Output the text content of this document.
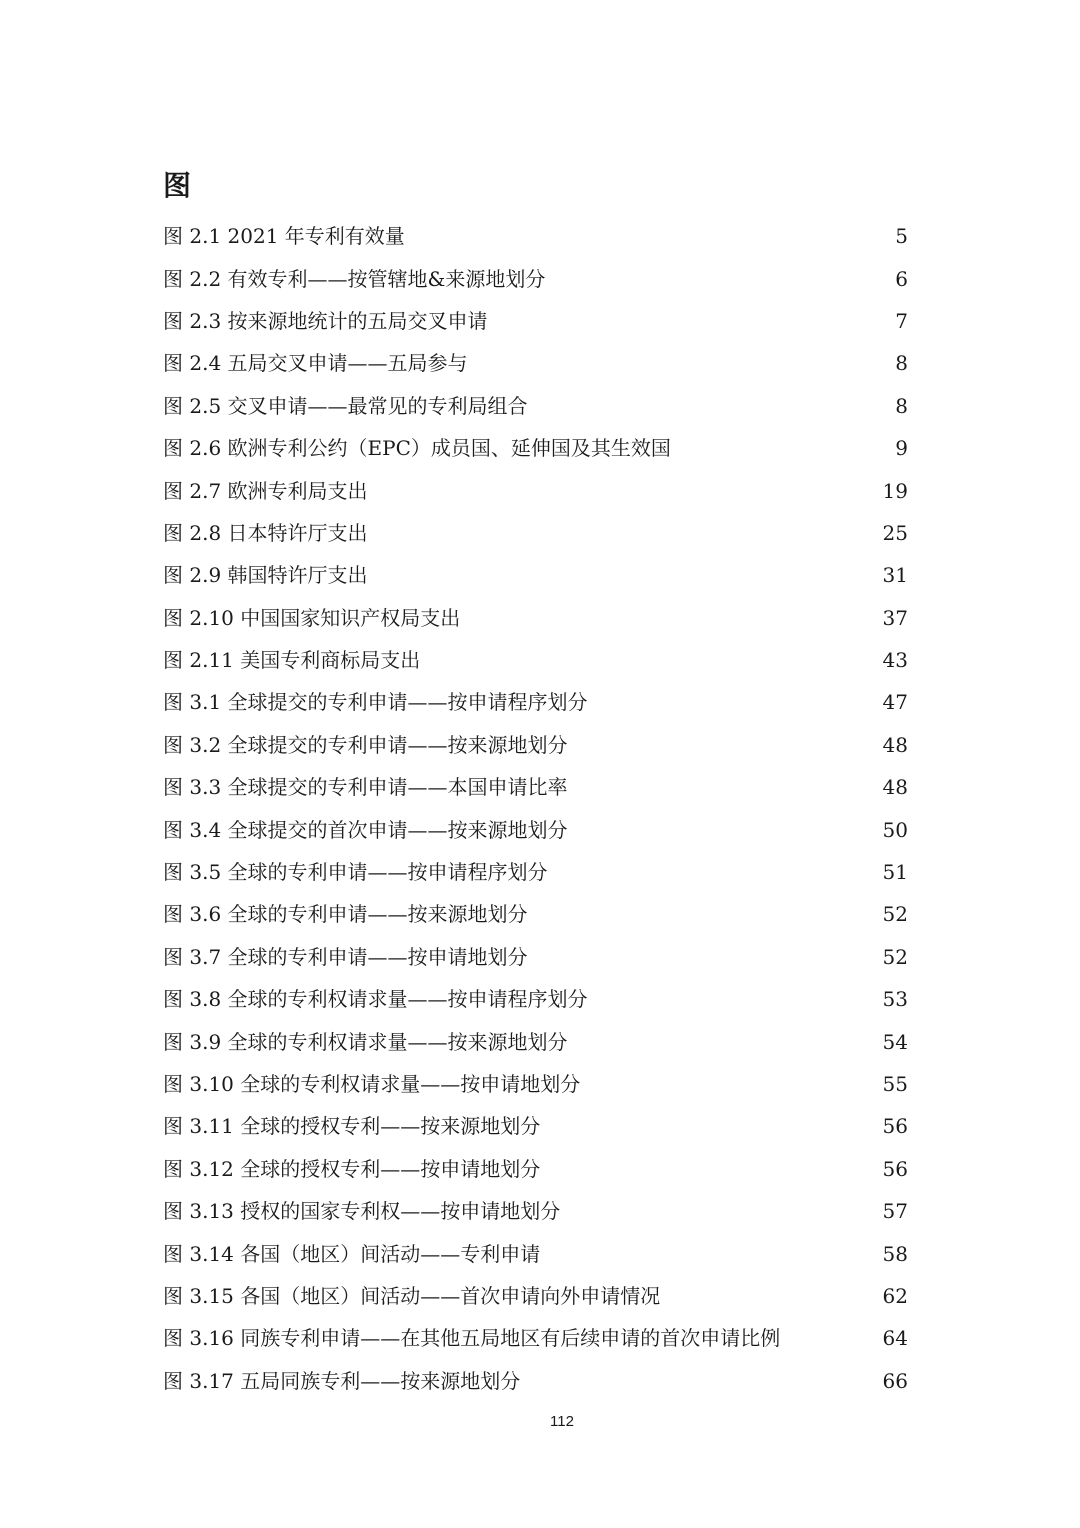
图
图 2.1 2021 年专利有效量	5
图 2.2 有效专利——按管辖地&来源地划分	6
图 2.3 按来源地统计的五局交叉申请	7
图 2.4 五局交叉申请——五局参与	8
图 2.5 交叉申请——最常见的专利局组合	8
图 2.6 欧洲专利公约（EPC）成员国、延伸国及其生效国	9
图 2.7 欧洲专利局支出	19
图 2.8 日本特许厅支出	25
图 2.9 韩国特许厅支出	31
图 2.10 中国国家知识产权局支出	37
图 2.11 美国专利商标局支出	43
图 3.1 全球提交的专利申请——按申请程序划分	47
图 3.2 全球提交的专利申请——按来源地划分	48
图 3.3 全球提交的专利申请——本国申请比率	48
图 3.4 全球提交的首次申请——按来源地划分	50
图 3.5 全球的专利申请——按申请程序划分	51
图 3.6 全球的专利申请——按来源地划分	52
图 3.7 全球的专利申请——按申请地划分	52
图 3.8 全球的专利权请求量——按申请程序划分	53
图 3.9 全球的专利权请求量——按来源地划分	54
图 3.10 全球的专利权请求量——按申请地划分	55
图 3.11 全球的授权专利——按来源地划分	56
图 3.12 全球的授权专利——按申请地划分	56
图 3.13 授权的国家专利权——按申请地划分	57
图 3.14 各国（地区）间活动——专利申请	58
图 3.15 各国（地区）间活动——首次申请向外申请情况	62
图 3.16 同族专利申请——在其他五局地区有后续申请的首次申请比例	64
图 3.17 五局同族专利——按来源地划分	66
112
